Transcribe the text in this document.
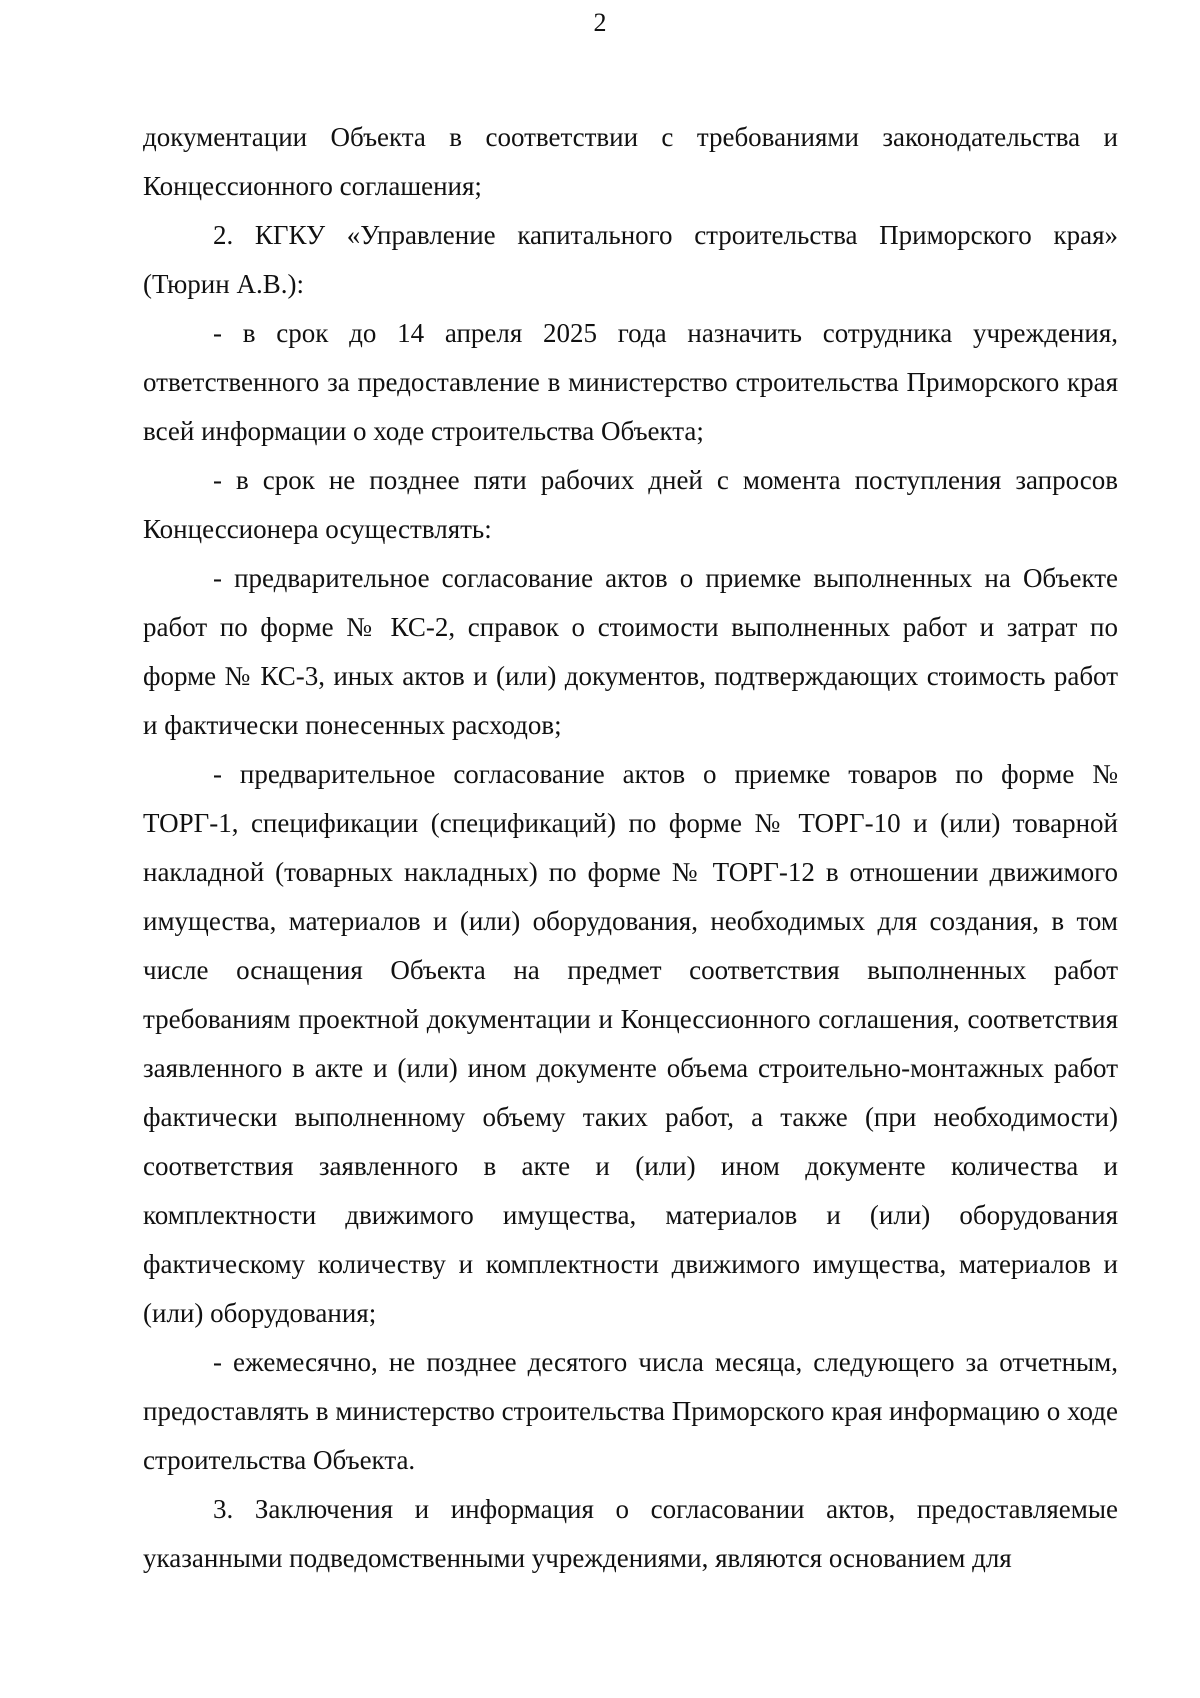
2

документации Объекта в соответствии с требованиями законодательства и Концессионного соглашения;

2. КГКУ «Управление капитального строительства Приморского края» (Тюрин А.В.):

- в срок до 14 апреля 2025 года назначить сотрудника учреждения, ответственного за предоставление в министерство строительства Приморского края всей информации о ходе строительства Объекта;

- в срок не позднее пяти рабочих дней с момента поступления запросов Концессионера осуществлять:

- предварительное согласование актов о приемке выполненных на Объекте работ по форме № КС-2, справок о стоимости выполненных работ и затрат по форме № КС-3, иных актов и (или) документов, подтверждающих стоимость работ и фактически понесенных расходов;

- предварительное согласование актов о приемке товаров по форме № ТОРГ-1, спецификации (спецификаций) по форме № ТОРГ-10 и (или) товарной накладной (товарных накладных) по форме № ТОРГ-12 в отношении движимого имущества, материалов и (или) оборудования, необходимых для создания, в том числе оснащения Объекта на предмет соответствия выполненных работ требованиям проектной документации и Концессионного соглашения, соответствия заявленного в акте и (или) ином документе объема строительно-монтажных работ фактически выполненному объему таких работ, а также (при необходимости) соответствия заявленного в акте и (или) ином документе количества и комплектности движимого имущества, материалов и (или) оборудования фактическому количеству и комплектности движимого имущества, материалов и (или) оборудования;

- ежемесячно, не позднее десятого числа месяца, следующего за отчетным, предоставлять в министерство строительства Приморского края информацию о ходе строительства Объекта.

3. Заключения и информация о согласовании актов, предоставляемые указанными подведомственными учреждениями, являются основанием для
